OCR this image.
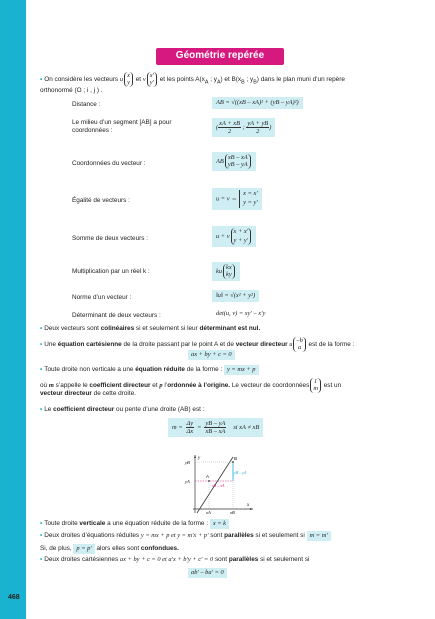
468
Géométrie repérée
• On considère les vecteurs u
x
y et v
x′
y′ et les points $A(x_A$ ; $y_A$) et $B(x_B$ ; $y_B$) dans le plan muni d’un repère
orthonormé (O ; i , j ) .
Distance :	AB = √((xB – xA)² + (yB – yA)²)
Le milieu d’un segment [AB] a pour coordonnées :	( $\frac{xA + xB}{2}$ ; $\frac{yA + yB}{2}$ )
Coordonnées du vecteur :	AB
xB – xA
yB – yA
Égalité de vecteurs :	u = v ⇔
x = x′
y = y′
Somme de deux vecteurs :	u + v
x + x′
y + y′
Multiplication par un réel k :	ku
kx
ky
Norme d’un vecteur :	‖u‖ = √(x² + y²)
Déterminant de deux vecteurs :	det(u, v) = xy′ – x′y
• Deux vecteurs sont colinéaires si et seulement si leur déterminant est nul.
• Une équation cartésienne de la droite passant par le point A et de vecteur directeur u
–b
a est de la forme :
ax + by + c = 0
• Toute droite non verticale a une équation réduite de la forme : y = mx + p
où m s’appelle le coefficient directeur et p l’ordonnée à l’origine. Le vecteur de coordonnées
1
m est un
vecteur directeur de cette droite.
• Le coefficient directeur ou pente d’une droite (AB) est :
$m = \frac{\Delta y}{\Delta x} = \frac{yB - yA}{xB - xA}$ si xA ≠ xB
y
x
yB
yA
xA	xB
A
B
yB – yA
xB – xA
• Toute droite verticale a une équation réduite de la forme : x = k
• Deux droites d’équations réduites y = mx + p et y = m′x + p′ sont parallèles si et seulement si m = m′
Si, de plus, p = p′ alors elles sont confondues.
• Deux droites cartésiennes ax + by + c = 0 et a′x + b′y + c′ = 0 sont parallèles si et seulement si
ab′ – ba′ = 0
